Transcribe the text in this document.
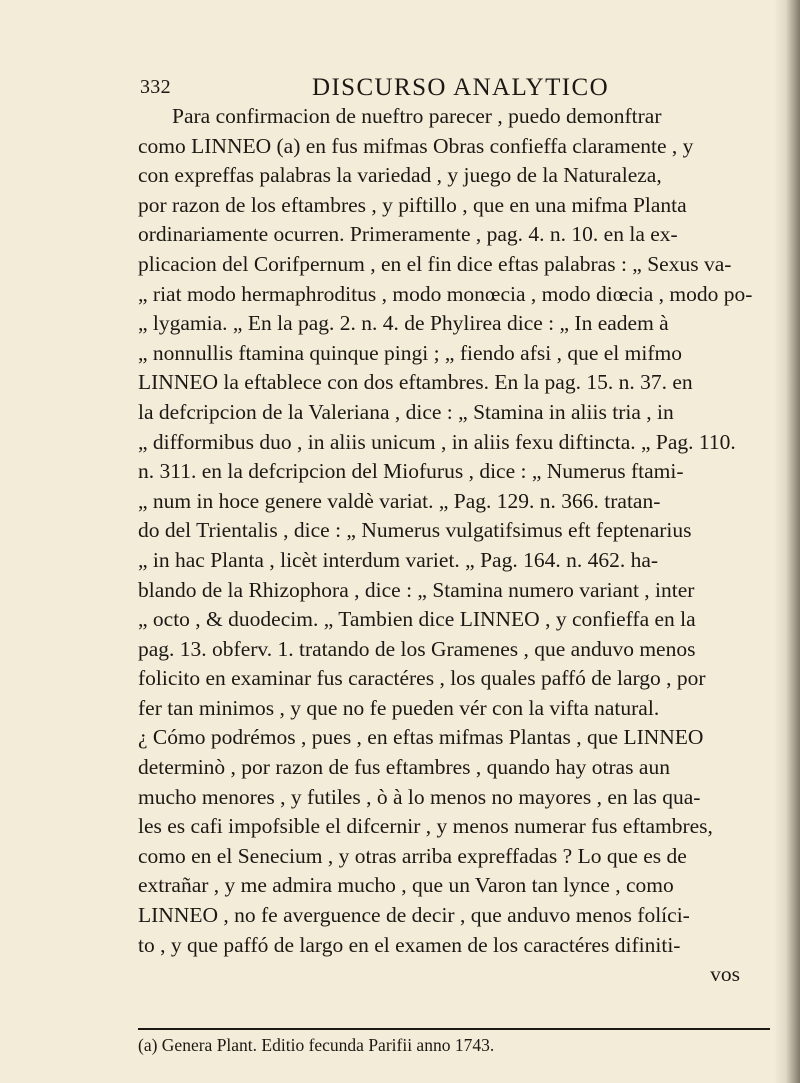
332	DISCURSO ANALYTICO
Para confirmacion de nueftro parecer , puedo demonftrar
como LINNEO (a) en fus mifmas Obras confieffa claramente , y
con expreffas palabras la variedad , y juego de la Naturaleza,
por razon de los eftambres , y piftillo , que en una mifma Planta
ordinariamente ocurren. Primeramente , pag. 4. n. 10. en la ex-
plicacion del Corifpernum , en el fin dice eftas palabras : „ Sexus va-
„ riat modo hermaphroditus , modo monœcia , modo diœcia , modo po-
„ lygamia. „ En la pag. 2. n. 4. de Phylirea dice : „ In eadem à
„ nonnullis ftamina quinque pingi ; „ fiendo afsi , que el mifmo
LINNEO la eftablece con dos eftambres. En la pag. 15. n. 37. en
la defcripcion de la Valeriana , dice : „ Stamina in aliis tria , in
„ difformibus duo , in aliis unicum , in aliis fexu diftincta. „ Pag. 110.
n. 311. en la defcripcion del Miofurus , dice : „ Numerus ftami-
„ num in hoce genere valdè variat. „ Pag. 129. n. 366. tratan-
do del Trientalis , dice : „ Numerus vulgatifsimus eft feptenarius
„ in hac Planta , licèt interdum variet. „ Pag. 164. n. 462. ha-
blando de la Rhizophora , dice : „ Stamina numero variant , inter
„ octo , & duodecim. „ Tambien dice LINNEO , y confieffa en la
pag. 13. obferv. 1. tratando de los Gramenes , que anduvo menos
folicito en examinar fus caractéres , los quales paffó de largo , por
fer tan minimos , y que no fe pueden vér con la vifta natural.
¿ Cómo podrémos , pues , en eftas mifmas Plantas , que LINNEO
determinò , por razon de fus eftambres , quando hay otras aun
mucho menores , y futiles , ò à lo menos no mayores , en las qua-
les es cafi impofsible el difcernir , y menos numerar fus eftambres,
como en el Senecium , y otras arriba expreffadas ? Lo que es de
extrañar , y me admira mucho , que un Varon tan lynce , como
LINNEO , no fe averguence de decir , que anduvo menos folíci-
to , y que paffó de largo en el examen de los caractéres difiniti-
vos
(a) Genera Plant. Editio fecunda Parifii anno 1743.
